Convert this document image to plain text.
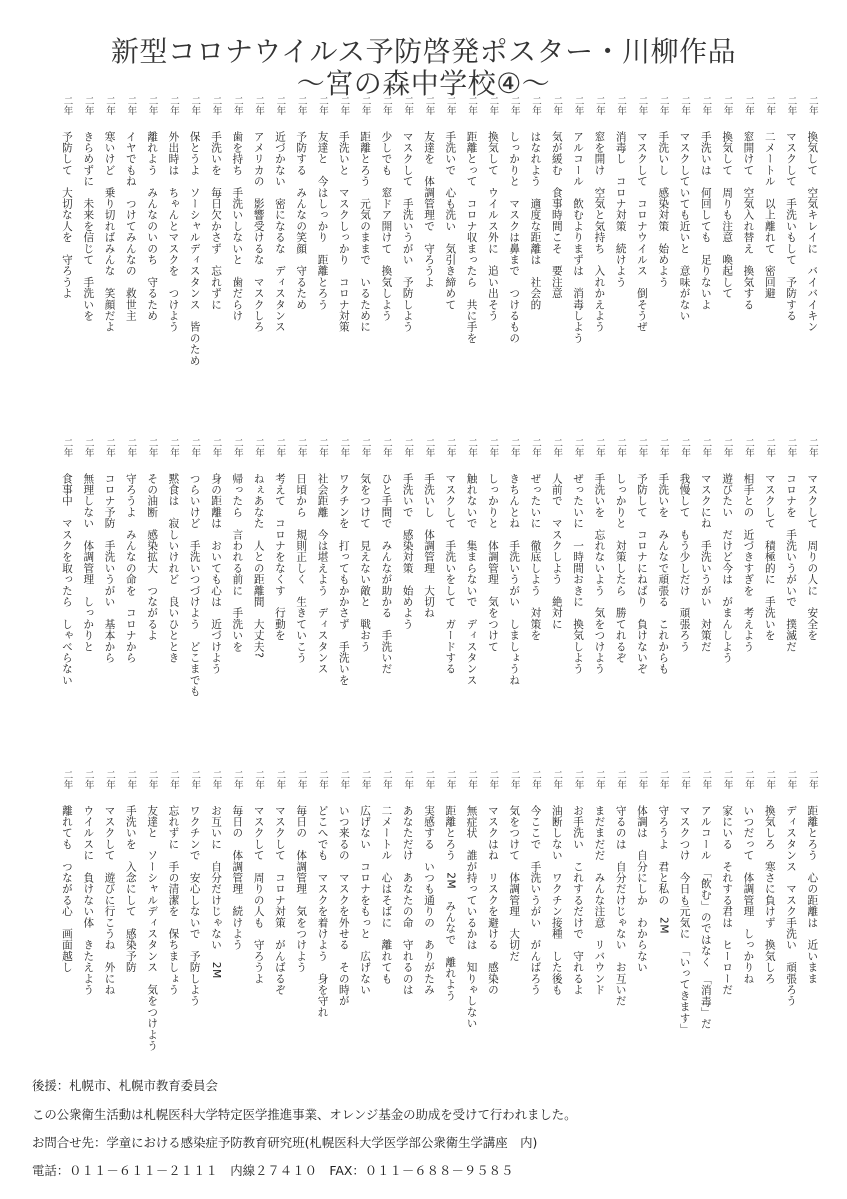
新型コロナウイルス予防啓発ポスター・川柳作品
～宮の森中学校④～
二年
換気して　空気キレイに　バイバイキン
二年
マスクして　手洗いもして　予防する
二年
二メートル　以上離れて　密回避
二年
窓開けて　空気入れ替え　換気する
二年
換気して　周りも注意　喚起して
二年
手洗いは　何回しても　足りないよ
二年
マスクしていても近いと　意味がない
二年
手洗いし　感染対策　始めよう
二年
マスクして　コロナウイルス　倒そうぜ
二年
消毒し　コロナ対策　続けよう
二年
窓を開け　空気と気持ち　入れかえよう
二年
アルコール　飲むよりまずは　消毒しよう
二年
気が緩む　食事時間こそ　要注意
二年
はなれよう　適度な距離は　社会的
二年
しっかりと　マスクは鼻まで　つけるもの
二年
換気して　ウイルス外に　追い出そう
二年
距離とって　コロナ収まったら　共に手を
二年
手洗いで　心も洗い　気引き締めて
二年
友達を　体調管理で　守ろうよ
二年
マスクして　手洗いうがい　予防しよう
二年
少しでも　窓ドア開けて　換気しよう
二年
距離とろう　元気のままで　いるために
二年
手洗いと　マスクしっかり　コロナ対策
二年
友達と　今はしっかり　距離とろう
二年
予防する　みんなの笑顔　守るため
二年
近づかない　密になるな　ディスタンス
二年
アメリカの　影響受けるな　マスクしろ
二年
歯を持ち　手洗いしないと　歯だらけ
二年
手洗いを　毎日欠かさず　忘れずに
二年
保とうよ　ソーシャルディスタンス　皆のため
二年
外出時は　ちゃんとマスクを　つけよう
二年
離れよう　みんなのいのち　守るため
二年
イヤでもね　つけてみんなの　救世主
二年
寒いけど　乗り切ればみんな　笑顔だよ
二年
きらめずに　未来を信じて　手洗いを
二年
予防して　大切な人を　守ろうよ
二年
マスクして　周りの人に　安全を
二年
コロナを　手洗いうがいで　撲滅だ
二年
マスクして　積極的に　手洗いを
二年
相手との　近づきすぎを　考えよう
二年
遊びたい　だけど今は　がまんしよう
二年
マスクにね　手洗いうがい　対策だ
二年
我慢して　もう少しだけ　頑張ろう
二年
手洗いを　みんなで頑張る　これからも
二年
予防して　コロナにねばり　負けないぞ
二年
しっかりと　対策したら　勝てれるぞ
二年
手洗いを　忘れないよう　気をつけよう
二年
ぜったいに　一時間おきに　換気しよう
二年
人前で　マスクしよう　絶対に
二年
ぜったいに　徹底しよう　対策を
二年
きちんとね　手洗いうがい　しましょうね
二年
しっかりと　体調管理　気をつけて
二年
触れないで　集まらないで　ディスタンス
二年
マスクして　手洗いをして　ガードする
二年
手洗いし　体調管理　大切ね
二年
手洗いで　感染対策　始めよう
二年
ひと手間で　みんなが助かる　手洗いだ
二年
気をつけて　見えない敵と　戦おう
二年
ワクチンを　打ってもかかさず　手洗いを
二年
社会距離　今は堪えよう　ディスタンス
二年
日頃から　規則正しく　生きていこう
二年
考えて　コロナをなくす　行動を
二年
ねぇあなた　人との距離間　大丈夫?
二年
帰ったら　言われる前に　手洗いを
二年
身の距離は　おいても心は　近づけよう
二年
つらいけど　手洗いつづけよう　どこまでも
二年
黙食は　寂しいけれど　良いひととき
二年
その油断　感染拡大　つながるよ
二年
守ろうよ　みんなの命を　コロナから
二年
コロナ予防　手洗いうがい　基本から
二年
無理しない　体調管理　しっかりと
二年
食事中　マスクを取ったら　しゃべらない
二年
距離とろう　心の距離は　近いまま
二年
ディスタンス　マスク手洗い　頑張ろう
二年
換気しろ　寒さに負けず　換気しろ
二年
いつだって　体調管理　しっかりね
二年
家にいる　それする君は　ヒーローだ
二年
アルコール　「飲む」のではなく　「消毒」だ
二年
マスクつけ　今日も元気に　「いってきます」
二年
守ろうよ　君と私の　2M
二年
体調は　自分にしか　わからない
二年
守るのは　自分だけじゃない　お互いだ
二年
まだまだだ　みんな注意　リバウンド
二年
お手洗い　これするだけで　守れるよ
二年
油断しない　ワクチン接種　した後も
二年
今ここで　手洗いうがい　がんばろう
二年
気をつけて　体調管理　大切だ
二年
マスクはね　リスクを避ける　感染の
二年
無症状　誰が持っているかは　知りゃしない
二年
距離とろう　2M　みんなで　離れよう
二年
実感する　いつも通りの　ありがたみ
二年
あなただけ　あなたの命　守れるのは
二年
二メートル　心はそばに　離れても
二年
広げない　コロナをもっと　広げない
二年
いつ来るの　マスクを外せる　その時が
二年
どこへでも　マスクを着けよう　身を守れ
二年
毎日の　体調管理　気をつけよう
二年
マスクして　コロナ対策　がんばるぞ
二年
マスクして　周りの人も　守ろうよ
二年
毎日の　体調管理　続けよう
二年
お互いに　自分だけじゃない　2M
二年
ワクチンで　安心しないで　予防しよう
二年
忘れずに　手の清潔を　保ちましょう
二年
友達と　ソーシャルディスタンス　気をつけよう
二年
手洗いを　入念にして　感染予防
二年
マスクして　遊びに行こうね　外にね
二年
ウイルスに　負けない体　きたえよう
二年
離れても　つながる心　画面越し
後援：札幌市、札幌市教育委員会
この公衆衛生活動は札幌医科大学特定医学推進事業、オレンジ基金の助成を受けて行われました。
お問合せ先：学童における感染症予防教育研究班(札幌医科大学医学部公衆衛生学講座　内)
電話：０１１－６１１－２１１１　内線２７４１０　FAX：０１１－６８８－９５８５
